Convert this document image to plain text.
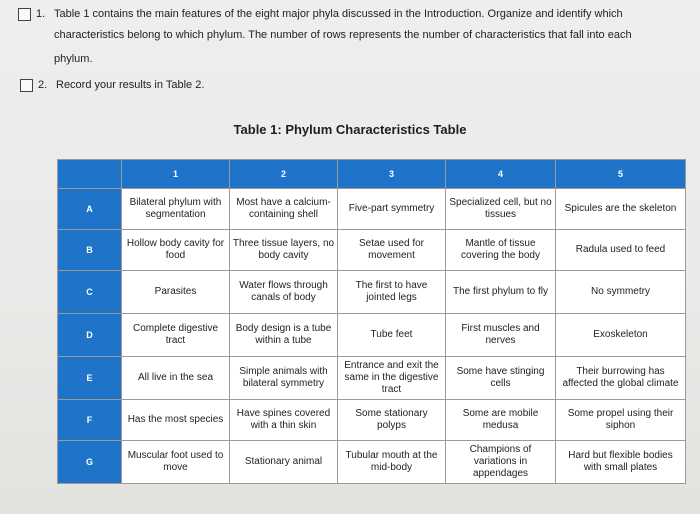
1. Table 1 contains the main features of the eight major phyla discussed in the Introduction. Organize and identify which
characteristics belong to which phylum. The number of rows represents the number of characteristics that fall into each
phylum.
2. Record your results in Table 2.
Table 1: Phylum Characteristics Table
	1	2	3	4	5
A	Bilateral phylum with segmentation	Most have a calcium-containing shell	Five-part symmetry	Specialized cell, but no tissues	Spicules are the skeleton
B	Hollow body cavity for food	Three tissue layers, no body cavity	Setae used for movement	Mantle of tissue covering the body	Radula used to feed
C	Parasites	Water flows through canals of body	The first to have jointed legs	The first phylum to fly	No symmetry
D	Complete digestive tract	Body design is a tube within a tube	Tube feet	First muscles and nerves	Exoskeleton
E	All live in the sea	Simple animals with bilateral symmetry	Entrance and exit the same in the digestive tract	Some have stinging cells	Their burrowing has affected the global climate
F	Has the most species	Have spines covered with a thin skin	Some stationary polyps	Some are mobile medusa	Some propel using their siphon
G	Muscular foot used to move	Stationary animal	Tubular mouth at the mid-body	Champions of variations in appendages	Hard but flexible bodies with small plates
